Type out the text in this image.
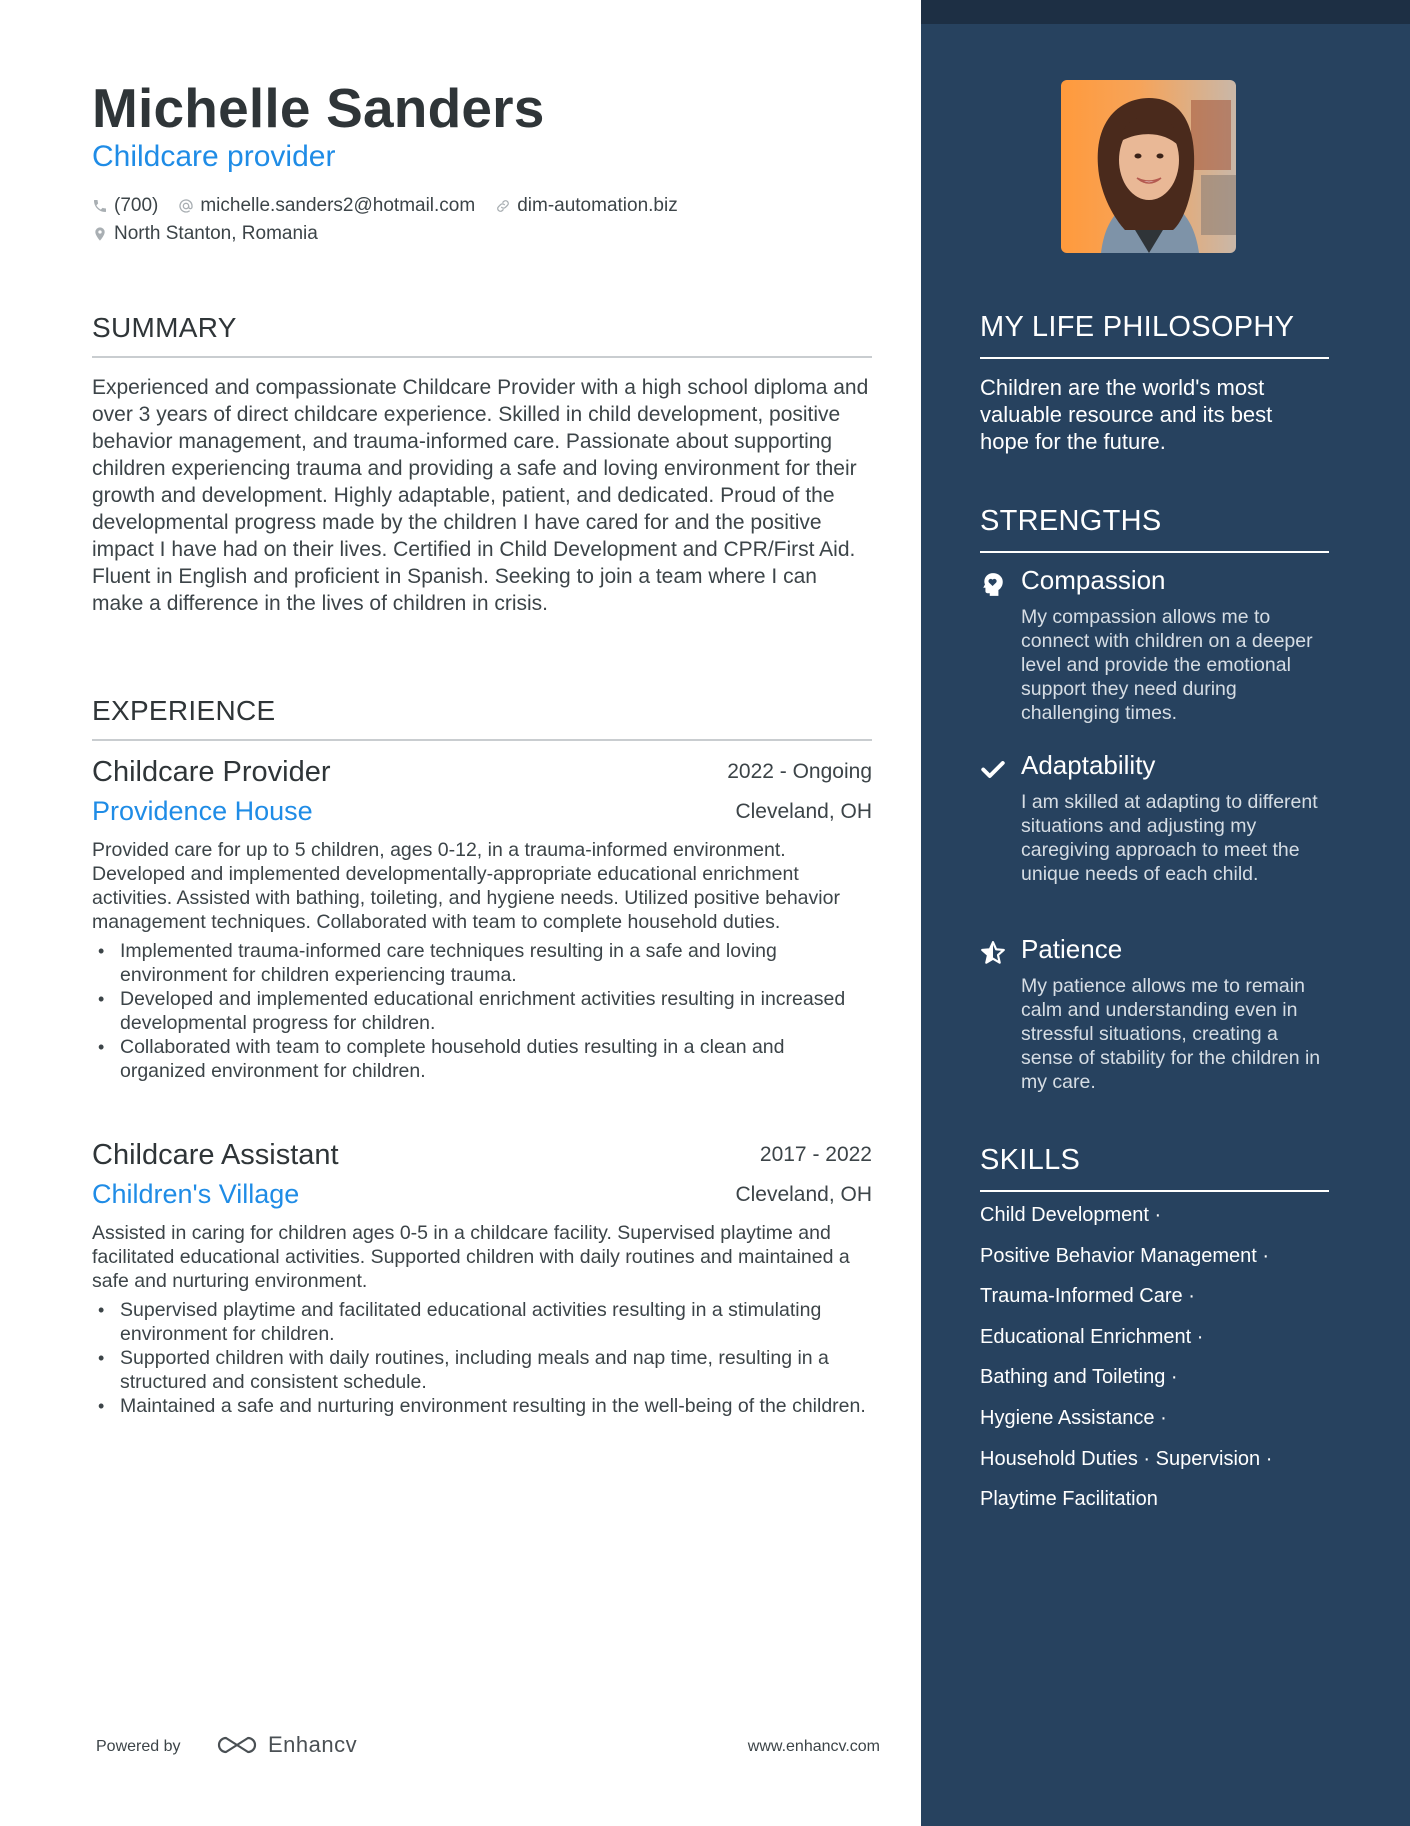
Michelle Sanders
Childcare provider
(700) michelle.sanders2@hotmail.com dim-automation.biz
North Stanton, Romania
SUMMARY
Experienced and compassionate Childcare Provider with a high school diploma and over 3 years of direct childcare experience. Skilled in child development, positive behavior management, and trauma-informed care. Passionate about supporting children experiencing trauma and providing a safe and loving environment for their growth and development. Highly adaptable, patient, and dedicated. Proud of the developmental progress made by the children I have cared for and the positive impact I have had on their lives. Certified in Child Development and CPR/First Aid. Fluent in English and proficient in Spanish. Seeking to join a team where I can make a difference in the lives of children in crisis.
EXPERIENCE
Childcare Provider	2022 - Ongoing
Providence House	Cleveland, OH
Provided care for up to 5 children, ages 0-12, in a trauma-informed environment. Developed and implemented developmentally-appropriate educational enrichment activities. Assisted with bathing, toileting, and hygiene needs. Utilized positive behavior management techniques. Collaborated with team to complete household duties.
• Implemented trauma-informed care techniques resulting in a safe and loving environment for children experiencing trauma.
• Developed and implemented educational enrichment activities resulting in increased developmental progress for children.
• Collaborated with team to complete household duties resulting in a clean and organized environment for children.
Childcare Assistant	2017 - 2022
Children's Village	Cleveland, OH
Assisted in caring for children ages 0-5 in a childcare facility. Supervised playtime and facilitated educational activities. Supported children with daily routines and maintained a safe and nurturing environment.
• Supervised playtime and facilitated educational activities resulting in a stimulating environment for children.
• Supported children with daily routines, including meals and nap time, resulting in a structured and consistent schedule.
• Maintained a safe and nurturing environment resulting in the well-being of the children.
Powered by	Enhancv	www.enhancv.com
MY LIFE PHILOSOPHY
Children are the world's most valuable resource and its best hope for the future.
STRENGTHS
Compassion
My compassion allows me to connect with children on a deeper level and provide the emotional support they need during challenging times.
Adaptability
I am skilled at adapting to different situations and adjusting my caregiving approach to meet the unique needs of each child.
Patience
My patience allows me to remain calm and understanding even in stressful situations, creating a sense of stability for the children in my care.
SKILLS
Child Development ·
Positive Behavior Management ·
Trauma-Informed Care ·
Educational Enrichment ·
Bathing and Toileting ·
Hygiene Assistance ·
Household Duties · Supervision ·
Playtime Facilitation
